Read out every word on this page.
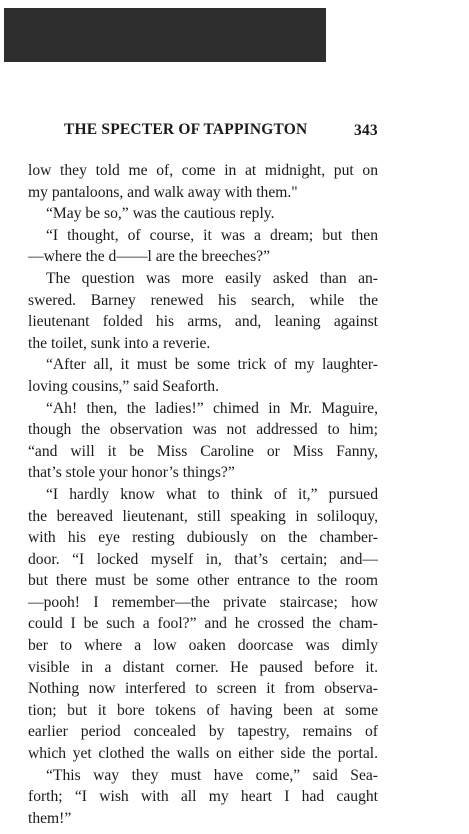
THE SPECTER OF TAPPINGTON	343
low they told me of, come in at midnight, put on
my pantaloons, and walk away with them."
“May be so,” was the cautious reply.
“I thought, of course, it was a dream; but then
—where the d——l are the breeches?”
The question was more easily asked than an-
swered. Barney renewed his search, while the
lieutenant folded his arms, and, leaning against
the toilet, sunk into a reverie.
“After all, it must be some trick of my laughter-
loving cousins,” said Seaforth.
“Ah! then, the ladies!” chimed in Mr. Maguire,
though the observation was not addressed to him;
“and will it be Miss Caroline or Miss Fanny,
that’s stole your honor’s things?”
“I hardly know what to think of it,” pursued
the bereaved lieutenant, still speaking in soliloquy,
with his eye resting dubiously on the chamber-
door. “I locked myself in, that’s certain; and—
but there must be some other entrance to the room
—pooh! I remember—the private staircase; how
could I be such a fool?” and he crossed the cham-
ber to where a low oaken doorcase was dimly
visible in a distant corner. He paused before it.
Nothing now interfered to screen it from observa-
tion; but it bore tokens of having been at some
earlier period concealed by tapestry, remains of
which yet clothed the walls on either side the portal.
“This way they must have come,” said Sea-
forth; “I wish with all my heart I had caught
them!”
